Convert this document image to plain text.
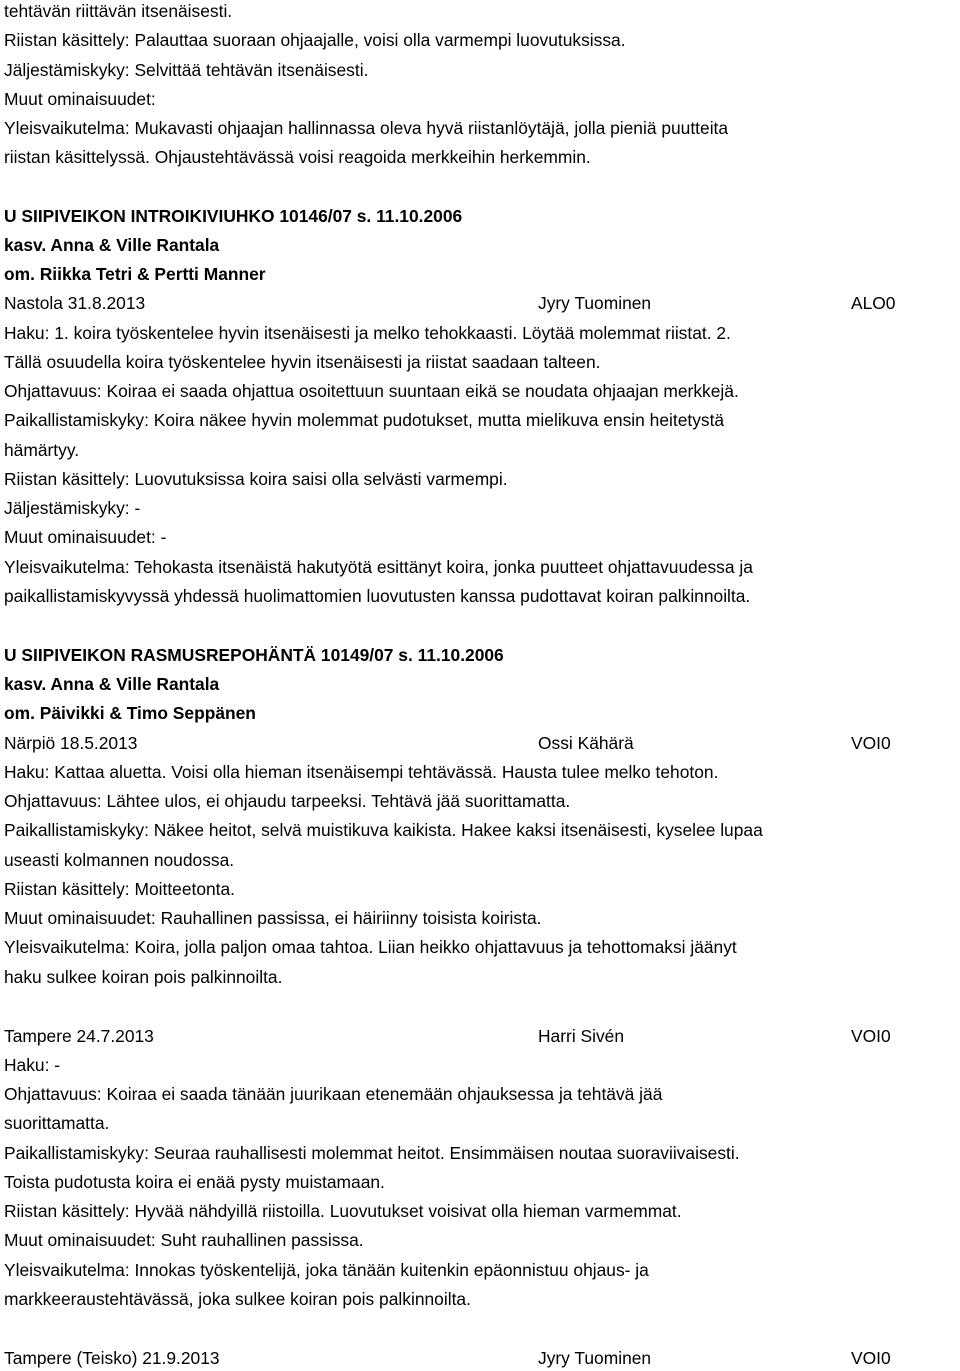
tehtävän riittävän itsenäisesti.
Riistan käsittely: Palauttaa suoraan ohjaajalle, voisi olla varmempi luovutuksissa.
Jäljestämiskyky: Selvittää tehtävän itsenäisesti.
Muut ominaisuudet:
Yleisvaikutelma: Mukavasti ohjaajan hallinnassa oleva hyvä riistanlöytäjä, jolla pieniä puutteita
riistan käsittelyssä. Ohjaustehtävässä voisi reagoida merkkeihin herkemmin.
U SIIPIVEIKON INTROIKIVIUHKO 10146/07 s. 11.10.2006
kasv. Anna & Ville Rantala
om. Riikka Tetri & Pertti Manner
Nastola 31.8.2013	Jyry Tuominen	ALO0
Haku: 1. koira työskentelee hyvin itsenäisesti ja melko tehokkaasti. Löytää molemmat riistat. 2.
Tällä osuudella koira työskentelee hyvin itsenäisesti ja riistat saadaan talteen.
Ohjattavuus: Koiraa ei saada ohjattua osoitettuun suuntaan eikä se noudata ohjaajan merkkejä.
Paikallistamiskyky: Koira näkee hyvin molemmat pudotukset, mutta mielikuva ensin heitetystä
hämärtyy.
Riistan käsittely: Luovutuksissa koira saisi olla selvästi varmempi.
Jäljestämiskyky: -
Muut ominaisuudet: -
Yleisvaikutelma: Tehokasta itsenäistä hakutyötä esittänyt koira, jonka puutteet ohjattavuudessa ja
paikallistamiskyvyssä yhdessä huolimattomien luovutusten kanssa pudottavat koiran palkinnoilta.
U SIIPIVEIKON RASMUSREPOHÄNTÄ 10149/07 s. 11.10.2006
kasv. Anna & Ville Rantala
om. Päivikki & Timo Seppänen
Närpiö 18.5.2013	Ossi Kähärä	VOI0
Haku: Kattaa aluetta. Voisi olla hieman itsenäisempi tehtävässä. Hausta tulee melko tehoton.
Ohjattavuus: Lähtee ulos, ei ohjaudu tarpeeksi. Tehtävä jää suorittamatta.
Paikallistamiskyky: Näkee heitot, selvä muistikuva kaikista. Hakee kaksi itsenäisesti, kyselee lupaa
useasti kolmannen noudossa.
Riistan käsittely: Moitteetonta.
Muut ominaisuudet: Rauhallinen passissa, ei häiriinny toisista koirista.
Yleisvaikutelma: Koira, jolla paljon omaa tahtoa. Liian heikko ohjattavuus ja tehottomaksi jäänyt
haku sulkee koiran pois palkinnoilta.
Tampere 24.7.2013	Harri Sivén	VOI0
Haku: -
Ohjattavuus: Koiraa ei saada tänään juurikaan etenemään ohjauksessa ja tehtävä jää
suorittamatta.
Paikallistamiskyky: Seuraa rauhallisesti molemmat heitot. Ensimmäisen noutaa suoraviivaisesti.
Toista pudotusta koira ei enää pysty muistamaan.
Riistan käsittely: Hyvää nähdyillä riistoilla. Luovutukset voisivat olla hieman varmemmat.
Muut ominaisuudet: Suht rauhallinen passissa.
Yleisvaikutelma: Innokas työskentelijä, joka tänään kuitenkin epäonnistuu ohjaus- ja
markkeeraustehtävässä, joka sulkee koiran pois palkinnoilta.
Tampere (Teisko) 21.9.2013	Jyry Tuominen	VOI0
